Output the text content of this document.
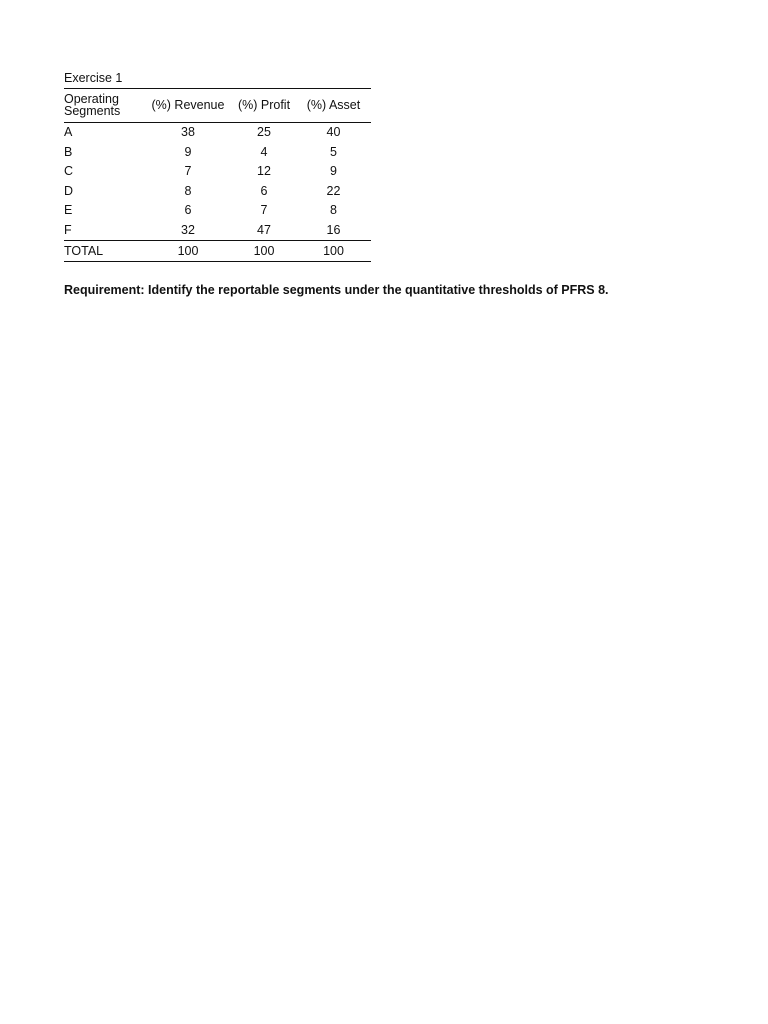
Exercise 1

Operating Segments	(%) Revenue	(%) Profit	(%) Asset
A	38	25	40
B	9	4	5
C	7	12	9
D	8	6	22
E	6	7	8
F	32	47	16
TOTAL	100	100	100

Requirement: Identify the reportable segments under the quantitative thresholds of PFRS 8.
